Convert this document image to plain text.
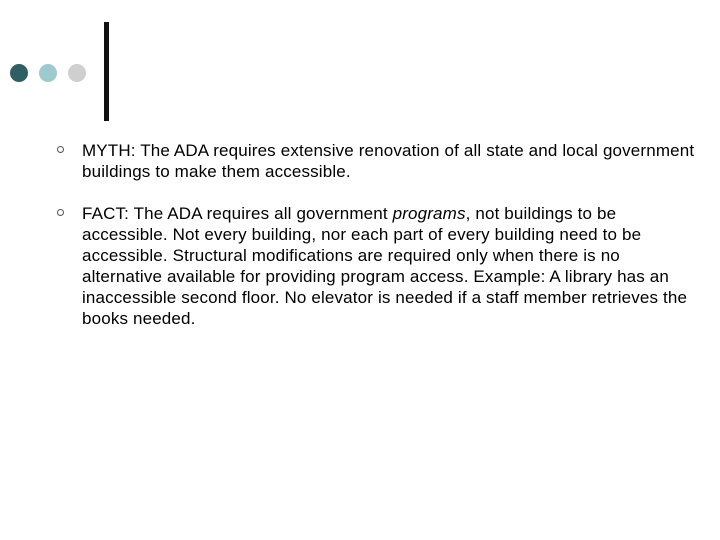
MYTH: The ADA requires extensive renovation of all state and local government buildings to make them accessible.
FACT: The ADA requires all government programs, not buildings to be accessible. Not every building, nor each part of every building need to be accessible. Structural modifications are required only when there is no alternative available for providing program access. Example: A library has an inaccessible second floor. No elevator is needed if a staff member retrieves the books needed.
